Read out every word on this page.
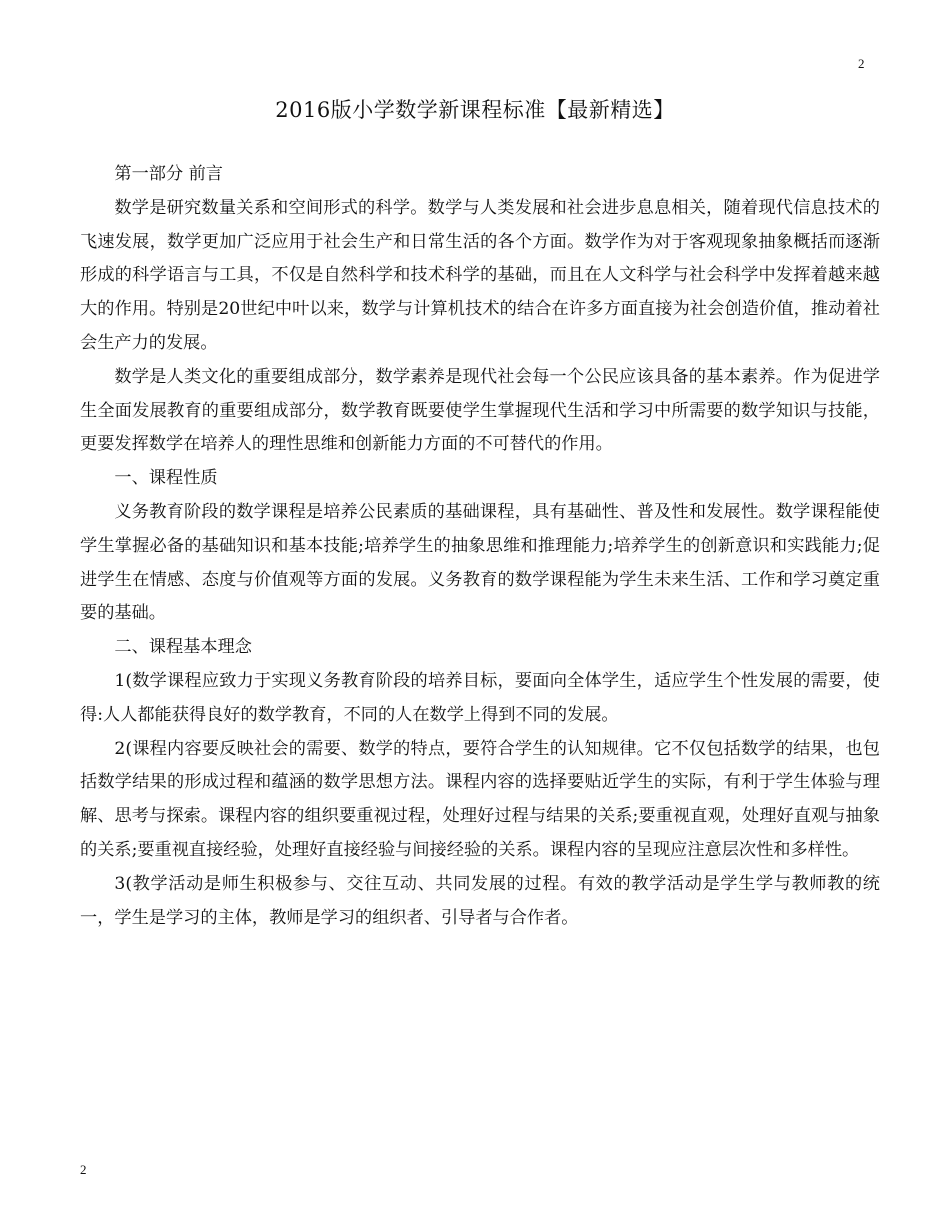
2
2016版小学数学新课程标准【最新精选】

第一部分 前言

数学是研究数量关系和空间形式的科学。数学与人类发展和社会进步息息相关，随着现代信息技术的飞速发展，数学更加广泛应用于社会生产和日常生活的各个方面。数学作为对于客观现象抽象概括而逐渐形成的科学语言与工具，不仅是自然科学和技术科学的基础，而且在人文科学与社会科学中发挥着越来越大的作用。特别是20世纪中叶以来，数学与计算机技术的结合在许多方面直接为社会创造价值，推动着社会生产力的发展。

数学是人类文化的重要组成部分，数学素养是现代社会每一个公民应该具备的基本素养。作为促进学生全面发展教育的重要组成部分，数学教育既要使学生掌握现代生活和学习中所需要的数学知识与技能，更要发挥数学在培养人的理性思维和创新能力方面的不可替代的作用。

一、课程性质

义务教育阶段的数学课程是培养公民素质的基础课程，具有基础性、普及性和发展性。数学课程能使学生掌握必备的基础知识和基本技能;培养学生的抽象思维和推理能力;培养学生的创新意识和实践能力;促进学生在情感、态度与价值观等方面的发展。义务教育的数学课程能为学生未来生活、工作和学习奠定重要的基础。

二、课程基本理念

1(数学课程应致力于实现义务教育阶段的培养目标，要面向全体学生，适应学生个性发展的需要，使得:人人都能获得良好的数学教育，不同的人在数学上得到不同的发展。

2(课程内容要反映社会的需要、数学的特点，要符合学生的认知规律。它不仅包括数学的结果，也包括数学结果的形成过程和蕴涵的数学思想方法。课程内容的选择要贴近学生的实际，有利于学生体验与理解、思考与探索。课程内容的组织要重视过程，处理好过程与结果的关系;要重视直观，处理好直观与抽象的关系;要重视直接经验，处理好直接经验与间接经验的关系。课程内容的呈现应注意层次性和多样性。

3(教学活动是师生积极参与、交往互动、共同发展的过程。有效的教学活动是学生学与教师教的统一，学生是学习的主体，教师是学习的组织者、引导者与合作者。

2
